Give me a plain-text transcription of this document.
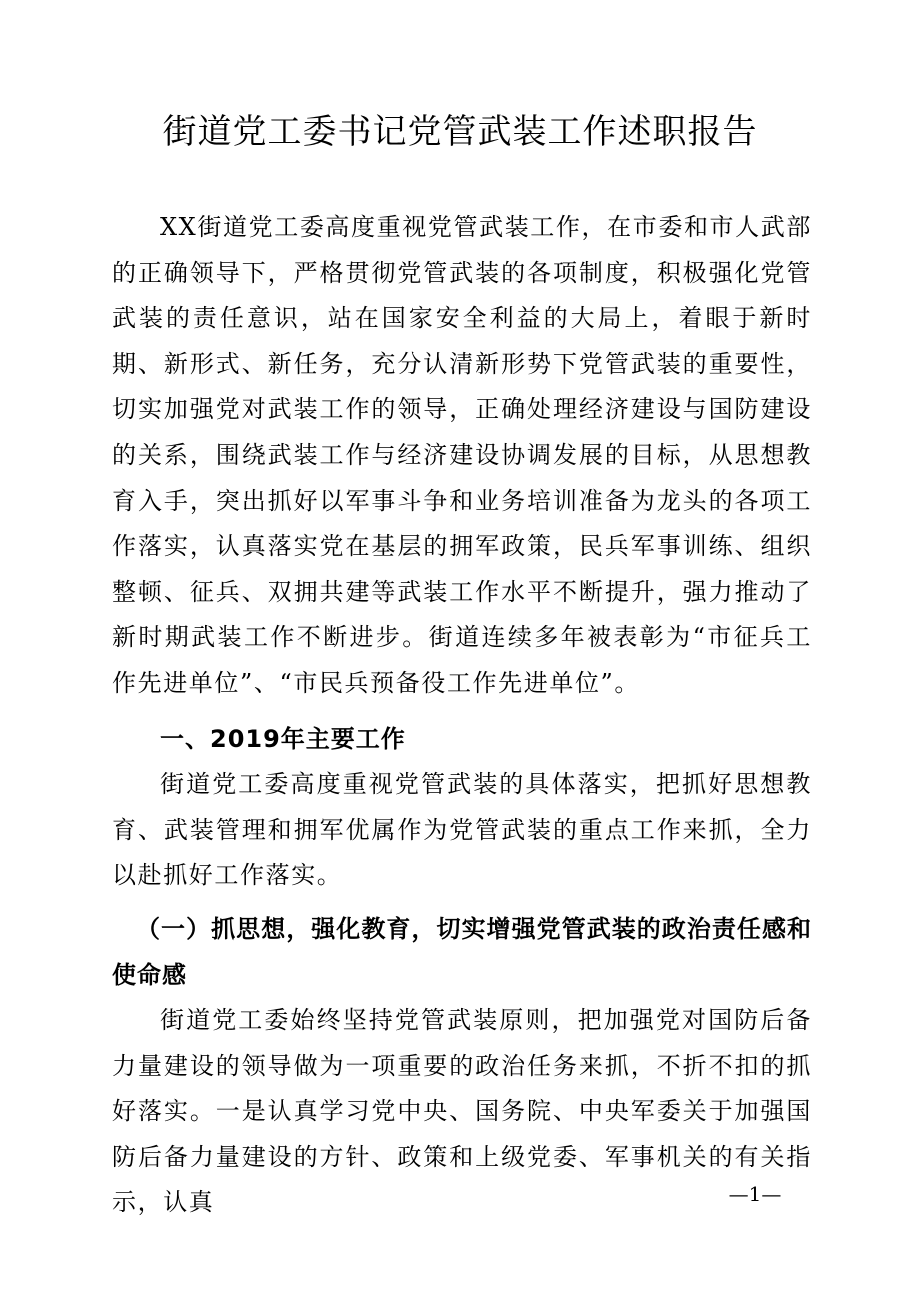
街道党工委书记党管武装工作述职报告

XX街道党工委高度重视党管武装工作，在市委和市人武部的正确领导下，严格贯彻党管武装的各项制度，积极强化党管武装的责任意识，站在国家安全利益的大局上，着眼于新时期、新形式、新任务，充分认清新形势下党管武装的重要性，切实加强党对武装工作的领导，正确处理经济建设与国防建设的关系，围绕武装工作与经济建设协调发展的目标，从思想教育入手，突出抓好以军事斗争和业务培训准备为龙头的各项工作落实，认真落实党在基层的拥军政策，民兵军事训练、组织整顿、征兵、双拥共建等武装工作水平不断提升，强力推动了新时期武装工作不断进步。街道连续多年被表彰为“市征兵工作先进单位”、“市民兵预备役工作先进单位”。

一、2019年主要工作

街道党工委高度重视党管武装的具体落实，把抓好思想教育、武装管理和拥军优属作为党管武装的重点工作来抓，全力以赴抓好工作落实。

（一）抓思想，强化教育，切实增强党管武装的政治责任感和使命感

街道党工委始终坚持党管武装原则，把加强党对国防后备力量建设的领导做为一项重要的政治任务来抓，不折不扣的抓好落实。一是认真学习党中央、国务院、中央军委关于加强国防后备力量建设的方针、政策和上级党委、军事机关的有关指示，认真	—1—
